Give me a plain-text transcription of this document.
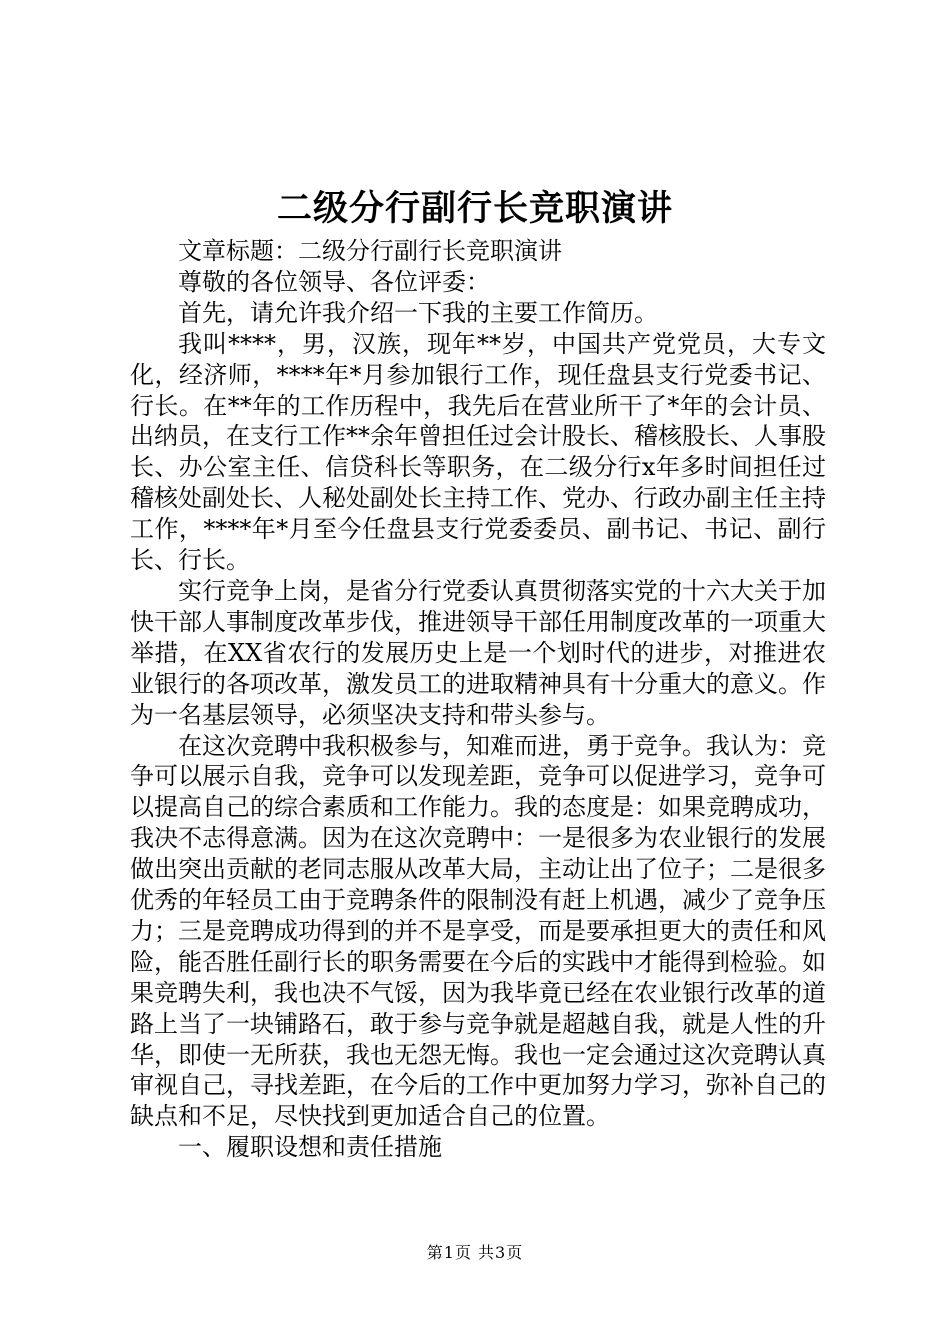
二级分行副行长竞职演讲

文章标题：二级分行副行长竞职演讲

尊敬的各位领导、各位评委：

首先，请允许我介绍一下我的主要工作简历。

我叫****，男，汉族，现年**岁，中国共产党党员，大专文化，经济师，****年*月参加银行工作，现任盘县支行党委书记、行长。在**年的工作历程中，我先后在营业所干了*年的会计员、出纳员，在支行工作**余年曾担任过会计股长、稽核股长、人事股长、办公室主任、信贷科长等职务，在二级分行x年多时间担任过稽核处副处长、人秘处副处长主持工作、党办、行政办副主任主持工作，****年*月至今任盘县支行党委委员、副书记、书记、副行长、行长。

实行竞争上岗，是省分行党委认真贯彻落实党的十六大关于加快干部人事制度改革步伐，推进领导干部任用制度改革的一项重大举措，在XX省农行的发展历史上是一个划时代的进步，对推进农业银行的各项改革，激发员工的进取精神具有十分重大的意义。作为一名基层领导，必须坚决支持和带头参与。

在这次竞聘中我积极参与，知难而进，勇于竞争。我认为：竞争可以展示自我，竞争可以发现差距，竞争可以促进学习，竞争可以提高自己的综合素质和工作能力。我的态度是：如果竞聘成功，我决不志得意满。因为在这次竞聘中：一是很多为农业银行的发展做出突出贡献的老同志服从改革大局，主动让出了位子；二是很多优秀的年轻员工由于竞聘条件的限制没有赶上机遇，减少了竞争压力；三是竞聘成功得到的并不是享受，而是要承担更大的责任和风险，能否胜任副行长的职务需要在今后的实践中才能得到检验。如果竞聘失利，我也决不气馁，因为我毕竟已经在农业银行改革的道路上当了一块铺路石，敢于参与竞争就是超越自我，就是人性的升华，即使一无所获，我也无怨无悔。我也一定会通过这次竞聘认真审视自己，寻找差距，在今后的工作中更加努力学习，弥补自己的缺点和不足，尽快找到更加适合自己的位置。

一、履职设想和责任措施

第1页 共3页
